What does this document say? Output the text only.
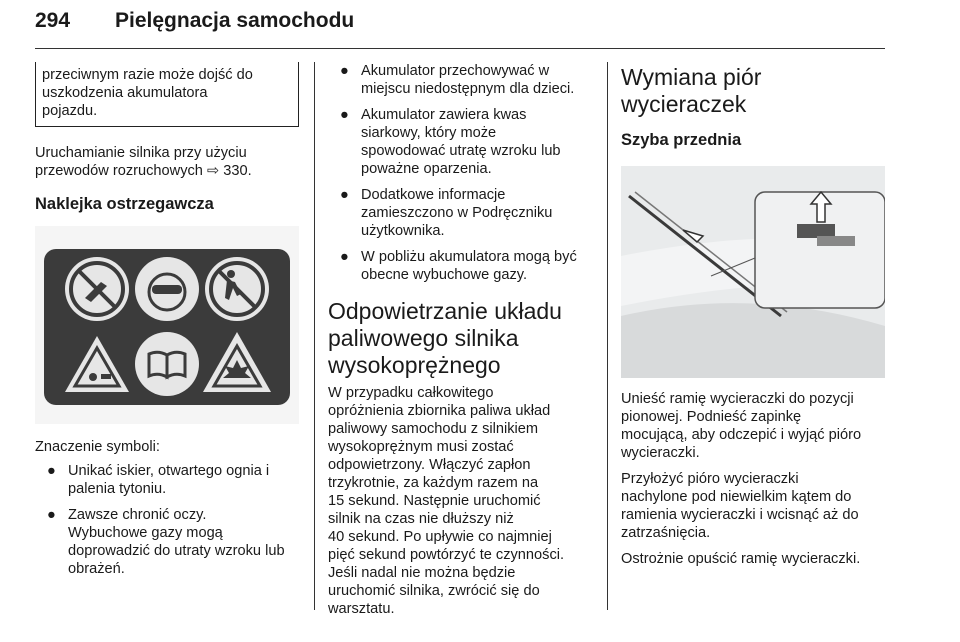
294 Pielęgnacja samochodu
przeciwnym razie może dojść do
uszkodzenia akumulatora
pojazdu.

Uruchamianie silnika przy użyciu
przewodów rozruchowych ⇨ 330.

Naklejka ostrzegawcza

Znaczenie symboli:

● Unikać iskier, otwartego ognia i
palenia tytoniu.
● Zawsze chronić oczy.
Wybuchowe gazy mogą
doprowadzić do utraty wzroku lub
obrażeń.
● Akumulator przechowywać w
miejscu niedostępnym dla dzieci.
● Akumulator zawiera kwas
siarkowy, który może
spowodować utratę wzroku lub
poważne oparzenia.
● Dodatkowe informacje
zamieszczono w Podręczniku
użytkownika.
● W pobliżu akumulatora mogą być
obecne wybuchowe gazy.
Odpowietrzanie układu
paliwowego silnika
wysokoprężnego

W przypadku całkowitego
opróżnienia zbiornika paliwa układ
paliwowy samochodu z silnikiem
wysokoprężnym musi zostać
odpowietrzony. Włączyć zapłon
trzykrotnie, za każdym razem na
15 sekund. Następnie uruchomić
silnik na czas nie dłuższy niż
40 sekund. Po upływie co najmniej
pięć sekund powtórzyć te czynności.
Jeśli nadal nie można będzie
uruchomić silnika, zwrócić się do
warsztatu.

Wymiana piór wycieraczek
Szyba przednia

Unieść ramię wycieraczki do pozycji
pionowej. Podnieść zapinkę
mocującą, aby odczepić i wyjąć pióro
wycieraczki.

Przyłożyć pióro wycieraczki
nachylone pod niewielkim kątem do
ramienia wycieraczki i wcisnąć aż do
zatrzaśnięcia.

Ostrożnie opuścić ramię wycieraczki.
